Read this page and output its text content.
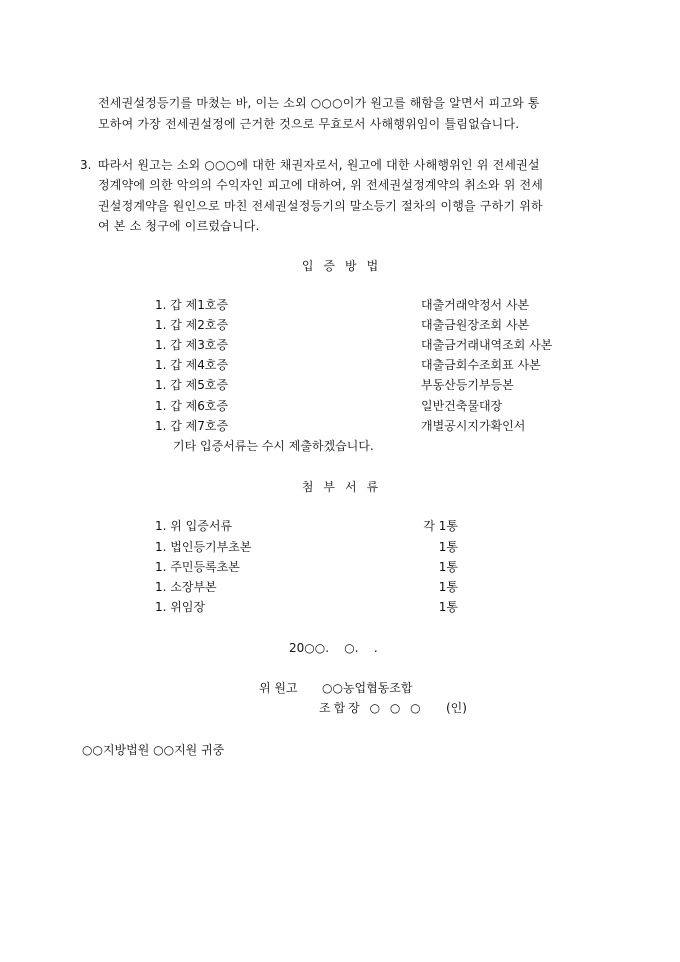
전세권설정등기를 마쳤는 바, 이는 소외 ○○○이가 원고를 해함을 알면서 피고와 통
모하여 가장 전세권설정에 근거한 것으로 무효로서 사해행위임이 틀림없습니다.
3. 따라서 원고는 소외 ○○○에 대한 채권자로서, 원고에 대한 사해행위인 위 전세권설
정계약에 의한 악의의 수익자인 피고에 대하여, 위 전세권설정계약의 취소와 위 전세
권설정계약을 원인으로 마친 전세권설정등기의 말소등기 절차의 이행을 구하기 위하
여 본 소 청구에 이르렀습니다.
입증방법
1. 갑 제1호증	대출거래약정서 사본
1. 갑 제2호증	대출금원장조회 사본
1. 갑 제3호증	대출금거래내역조회 사본
1. 갑 제4호증	대출금회수조회표 사본
1. 갑 제5호증	부동산등기부등본
1. 갑 제6호증	일반건축물대장
1. 갑 제7호증	개별공시지가확인서
기타 입증서류는 수시 제출하겠습니다.
첨부서류
1. 위 입증서류	각 1통
1. 법인등기부초본	1통
1. 주민등록초본	1통
1. 소장부본	1통
1. 위임장	1통
20○○.    ○.    .
위 원고 ○○농업협동조합
조합장 ○ ○ ○ (인)
○○지방법원 ○○지원 귀중
